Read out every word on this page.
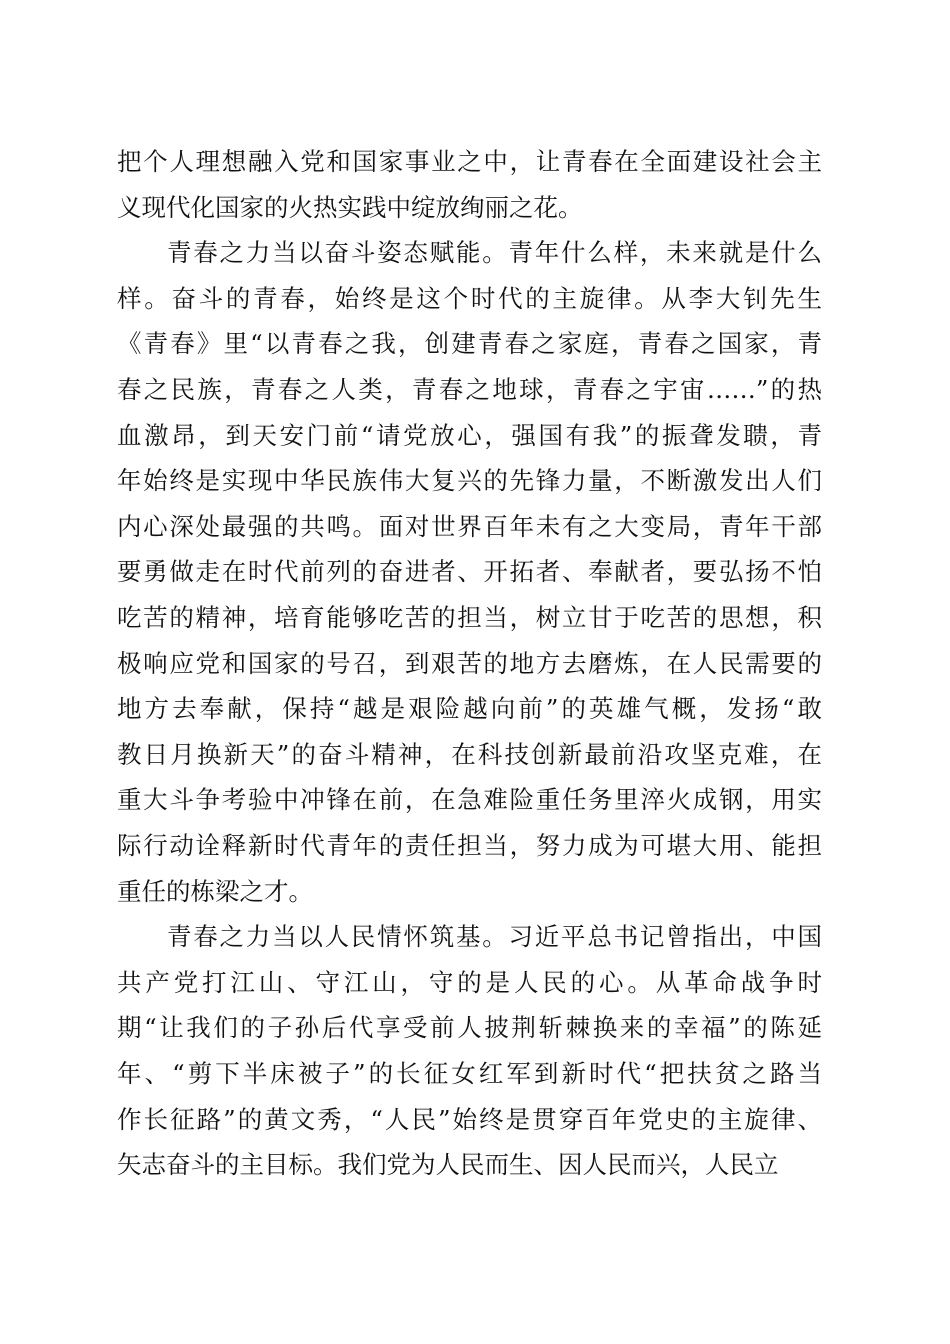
把个人理想融入党和国家事业之中，让青春在全面建设社会主
义现代化国家的火热实践中绽放绚丽之花。
青春之力当以奋斗姿态赋能。青年什么样，未来就是什么
样。奋斗的青春，始终是这个时代的主旋律。从李大钊先生
《青春》里“以青春之我，创建青春之家庭，青春之国家，青
春之民族，青春之人类，青春之地球，青春之宇宙……”的热
血激昂，到天安门前“请党放心，强国有我”的振聋发聩，青
年始终是实现中华民族伟大复兴的先锋力量，不断激发出人们
内心深处最强的共鸣。面对世界百年未有之大变局，青年干部
要勇做走在时代前列的奋进者、开拓者、奉献者，要弘扬不怕
吃苦的精神，培育能够吃苦的担当，树立甘于吃苦的思想，积
极响应党和国家的号召，到艰苦的地方去磨炼，在人民需要的
地方去奉献，保持“越是艰险越向前”的英雄气概，发扬“敢
教日月换新天”的奋斗精神，在科技创新最前沿攻坚克难，在
重大斗争考验中冲锋在前，在急难险重任务里淬火成钢，用实
际行动诠释新时代青年的责任担当，努力成为可堪大用、能担
重任的栋梁之才。
青春之力当以人民情怀筑基。习近平总书记曾指出，中国
共产党打江山、守江山，守的是人民的心。从革命战争时
期“让我们的子孙后代享受前人披荆斩棘换来的幸福”的陈延
年、“剪下半床被子”的长征女红军到新时代“把扶贫之路当
作长征路”的黄文秀，“人民”始终是贯穿百年党史的主旋律、
矢志奋斗的主目标。我们党为人民而生、因人民而兴，人民立
